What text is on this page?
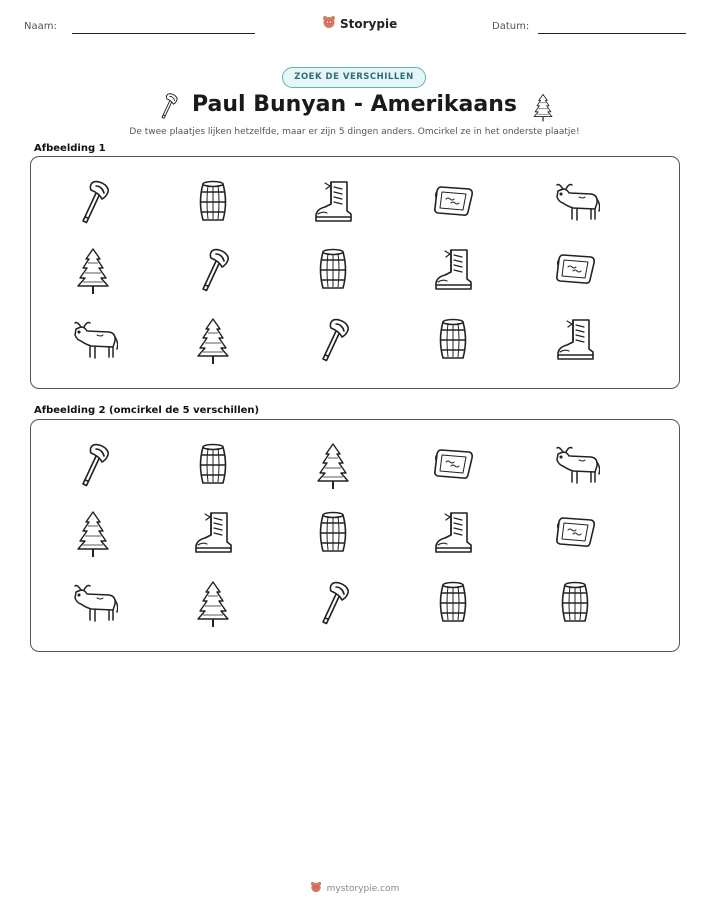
Naam:	Storypie	Datum:
ZOEK DE VERSCHILLEN
Paul Bunyan - Amerikaans
De twee plaatjes lijken hetzelfde, maar er zijn 5 dingen anders. Omcirkel ze in het onderste plaatje!
Afbeelding 1
Afbeelding 2 (omcirkel de 5 verschillen)
mystorypie.com
